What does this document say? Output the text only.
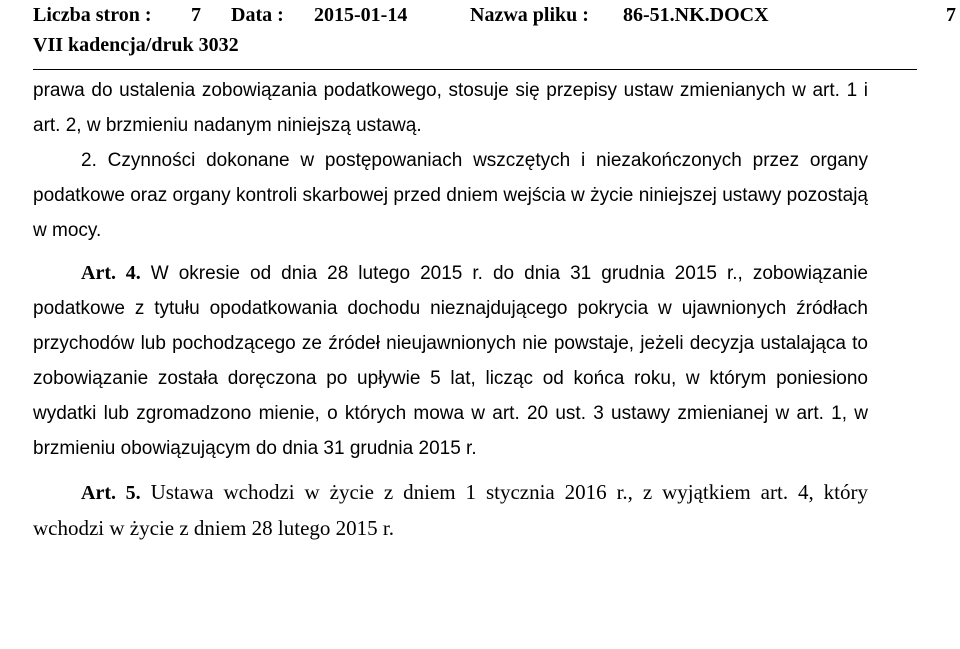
Liczba stron : 7 Data : 2015-01-14	Nazwa pliku : 86-51.NK.DOCX	7
VII kadencja/druk 3032

prawa do ustalenia zobowiązania podatkowego, stosuje się przepisy ustaw zmienianych w art. 1 i art. 2, w brzmieniu nadanym niniejszą ustawą.

2. Czynności dokonane w postępowaniach wszczętych i niezakończonych przez organy podatkowe oraz organy kontroli skarbowej przed dniem wejścia w życie niniejszej ustawy pozostają w mocy.

Art. 4. W okresie od dnia 28 lutego 2015 r. do dnia 31 grudnia 2015 r., zobowiązanie podatkowe z tytułu opodatkowania dochodu nieznajdującego pokrycia w ujawnionych źródłach przychodów lub pochodzącego ze źródeł nieujawnionych nie powstaje, jeżeli decyzja ustalająca to zobowiązanie została doręczona po upływie 5 lat, licząc od końca roku, w którym poniesiono wydatki lub zgromadzono mienie, o których mowa w art. 20 ust. 3 ustawy zmienianej w art. 1, w brzmieniu obowiązującym do dnia 31 grudnia 2015 r.

Art. 5. Ustawa wchodzi w życie z dniem 1 stycznia 2016 r., z wyjątkiem art. 4, który wchodzi w życie z dniem 28 lutego 2015 r.
